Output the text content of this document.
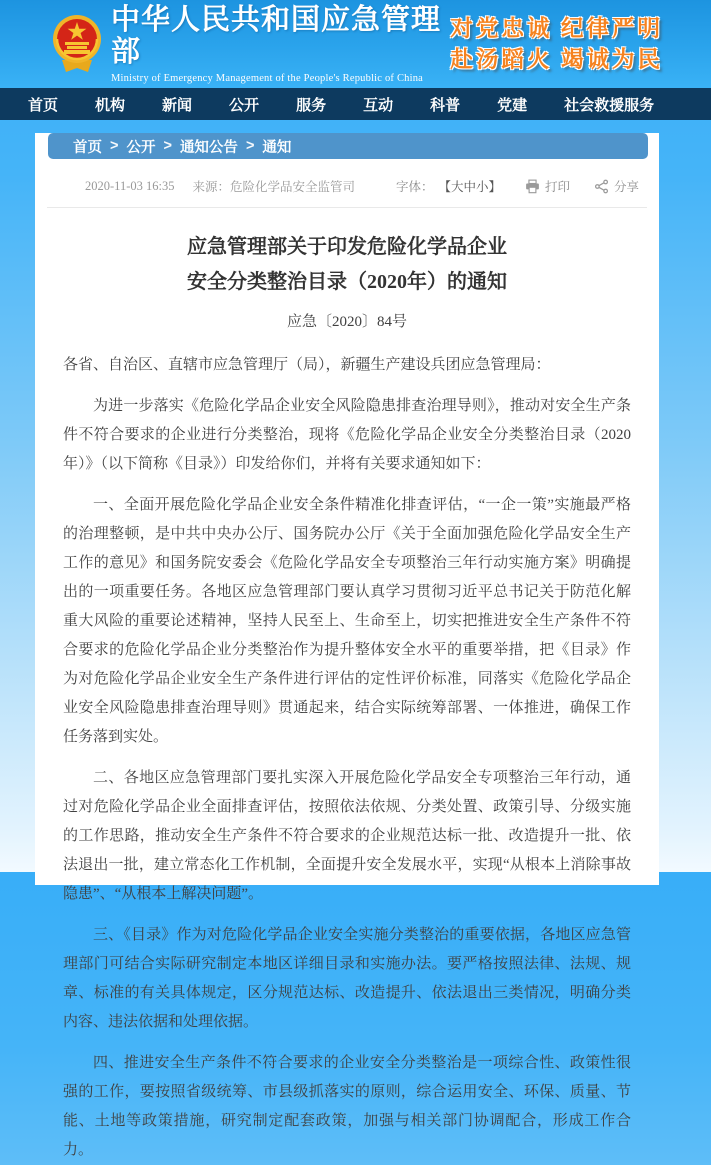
中华人民共和国应急管理部
Ministry of Emergency Management of the People's Republic of China
对党忠诚 纪律严明
赴汤蹈火 竭诚为民
首页 机构 新闻 公开 服务 互动 科普 党建 社会救援服务
首页 > 公开 > 通知公告 > 通知
2020-11-03 16:35 来源：危险化学品安全监管司	字体： 【大中小】	打印	分享
应急管理部关于印发危险化学品企业
安全分类整治目录（2020年）的通知
应急〔2020〕84号
各省、自治区、直辖市应急管理厅（局），新疆生产建设兵团应急管理局：

为进一步落实《危险化学品企业安全风险隐患排查治理导则》，推动对安全生产条件不符合要求的企业进行分类整治，现将《危险化学品企业安全分类整治目录（2020年）》（以下简称《目录》）印发给你们，并将有关要求通知如下：

一、全面开展危险化学品企业安全条件精准化排查评估，“一企一策”实施最严格的治理整顿，是中共中央办公厅、国务院办公厅《关于全面加强危险化学品安全生产工作的意见》和国务院安委会《危险化学品安全专项整治三年行动实施方案》明确提出的一项重要任务。各地区应急管理部门要认真学习贯彻习近平总书记关于防范化解重大风险的重要论述精神，坚持人民至上、生命至上，切实把推进安全生产条件不符合要求的危险化学品企业分类整治作为提升整体安全水平的重要举措，把《目录》作为对危险化学品企业安全生产条件进行评估的定性评价标准，同落实《危险化学品企业安全风险隐患排查治理导则》贯通起来，结合实际统筹部署、一体推进，确保工作任务落到实处。

二、各地区应急管理部门要扎实深入开展危险化学品安全专项整治三年行动，通过对危险化学品企业全面排查评估，按照依法依规、分类处置、政策引导、分级实施的工作思路，推动安全生产条件不符合要求的企业规范达标一批、改造提升一批、依法退出一批，建立常态化工作机制，全面提升安全发展水平，实现“从根本上消除事故隐患”、“从根本上解决问题”。

三、《目录》作为对危险化学品企业安全实施分类整治的重要依据，各地区应急管理部门可结合实际研究制定本地区详细目录和实施办法。要严格按照法律、法规、规章、标准的有关具体规定，区分规范达标、改造提升、依法退出三类情况，明确分类内容、违法依据和处理依据。

四、推进安全生产条件不符合要求的企业安全分类整治是一项综合性、政策性很强的工作，要按照省级统筹、市县级抓落实的原则，综合运用安全、环保、质量、节能、土地等政策措施，研究制定配套政策，加强与相关部门协调配合，形成工作合力。
